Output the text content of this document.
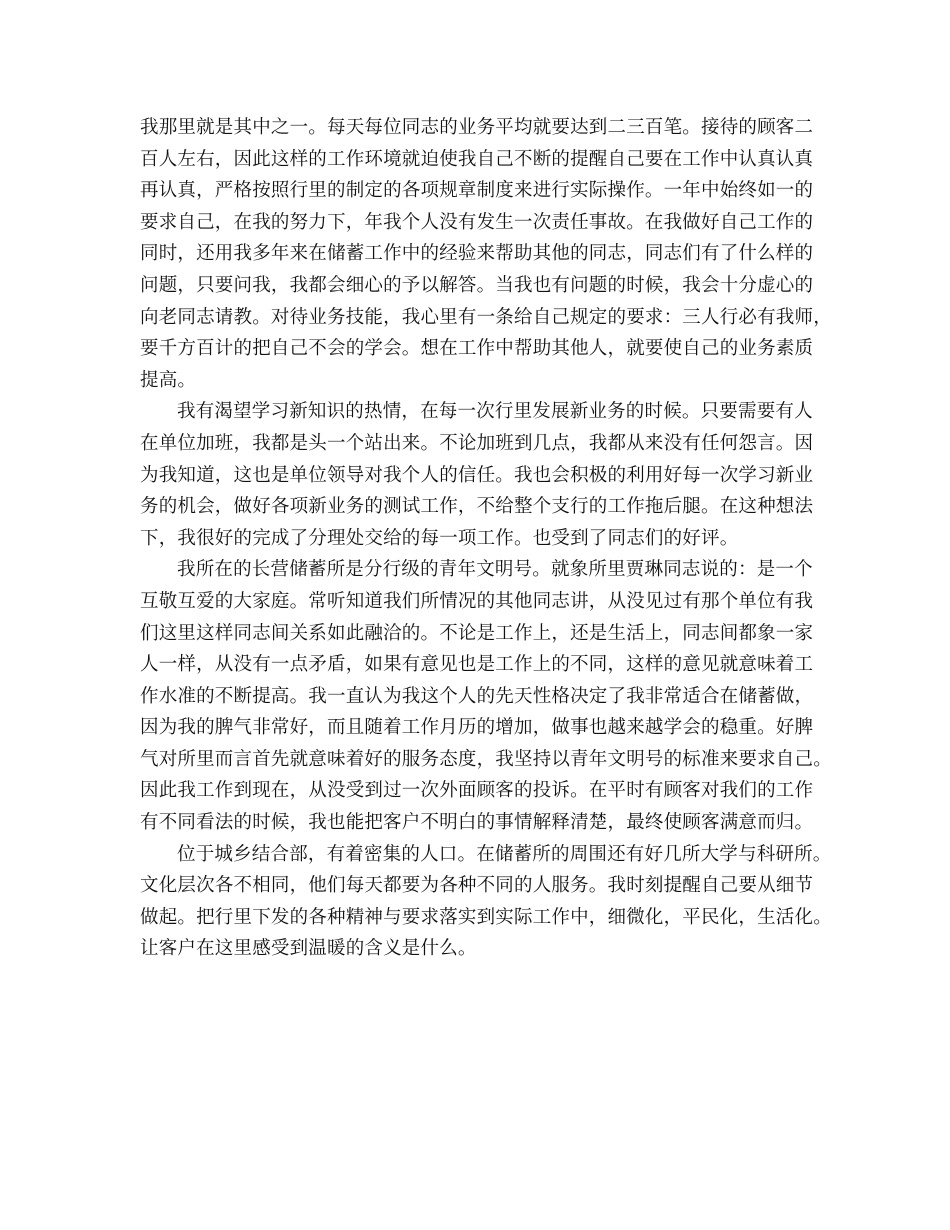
我那里就是其中之一。每天每位同志的业务平均就要达到二三百笔。接待的顾客二
百人左右，因此这样的工作环境就迫使我自己不断的提醒自己要在工作中认真认真
再认真，严格按照行里的制定的各项规章制度来进行实际操作。一年中始终如一的
要求自己，在我的努力下，年我个人没有发生一次责任事故。在我做好自己工作的
同时，还用我多年来在储蓄工作中的经验来帮助其他的同志，同志们有了什么样的
问题，只要问我，我都会细心的予以解答。当我也有问题的时候，我会十分虚心的
向老同志请教。对待业务技能，我心里有一条给自己规定的要求：三人行必有我师，
要千方百计的把自己不会的学会。想在工作中帮助其他人，就要使自己的业务素质
提高。
我有渴望学习新知识的热情，在每一次行里发展新业务的时候。只要需要有人
在单位加班，我都是头一个站出来。不论加班到几点，我都从来没有任何怨言。因
为我知道，这也是单位领导对我个人的信任。我也会积极的利用好每一次学习新业
务的机会，做好各项新业务的测试工作，不给整个支行的工作拖后腿。在这种想法
下，我很好的完成了分理处交给的每一项工作。也受到了同志们的好评。
我所在的长营储蓄所是分行级的青年文明号。就象所里贾琳同志说的：是一个
互敬互爱的大家庭。常听知道我们所情况的其他同志讲，从没见过有那个单位有我
们这里这样同志间关系如此融洽的。不论是工作上，还是生活上，同志间都象一家
人一样，从没有一点矛盾，如果有意见也是工作上的不同，这样的意见就意味着工
作水准的不断提高。我一直认为我这个人的先天性格决定了我非常适合在储蓄做，
因为我的脾气非常好，而且随着工作月历的增加，做事也越来越学会的稳重。好脾
气对所里而言首先就意味着好的服务态度，我坚持以青年文明号的标准来要求自己。
因此我工作到现在，从没受到过一次外面顾客的投诉。在平时有顾客对我们的工作
有不同看法的时候，我也能把客户不明白的事情解释清楚，最终使顾客满意而归。
位于城乡结合部，有着密集的人口。在储蓄所的周围还有好几所大学与科研所。
文化层次各不相同，他们每天都要为各种不同的人服务。我时刻提醒自己要从细节
做起。把行里下发的各种精神与要求落实到实际工作中，细微化，平民化，生活化。
让客户在这里感受到温暖的含义是什么。
